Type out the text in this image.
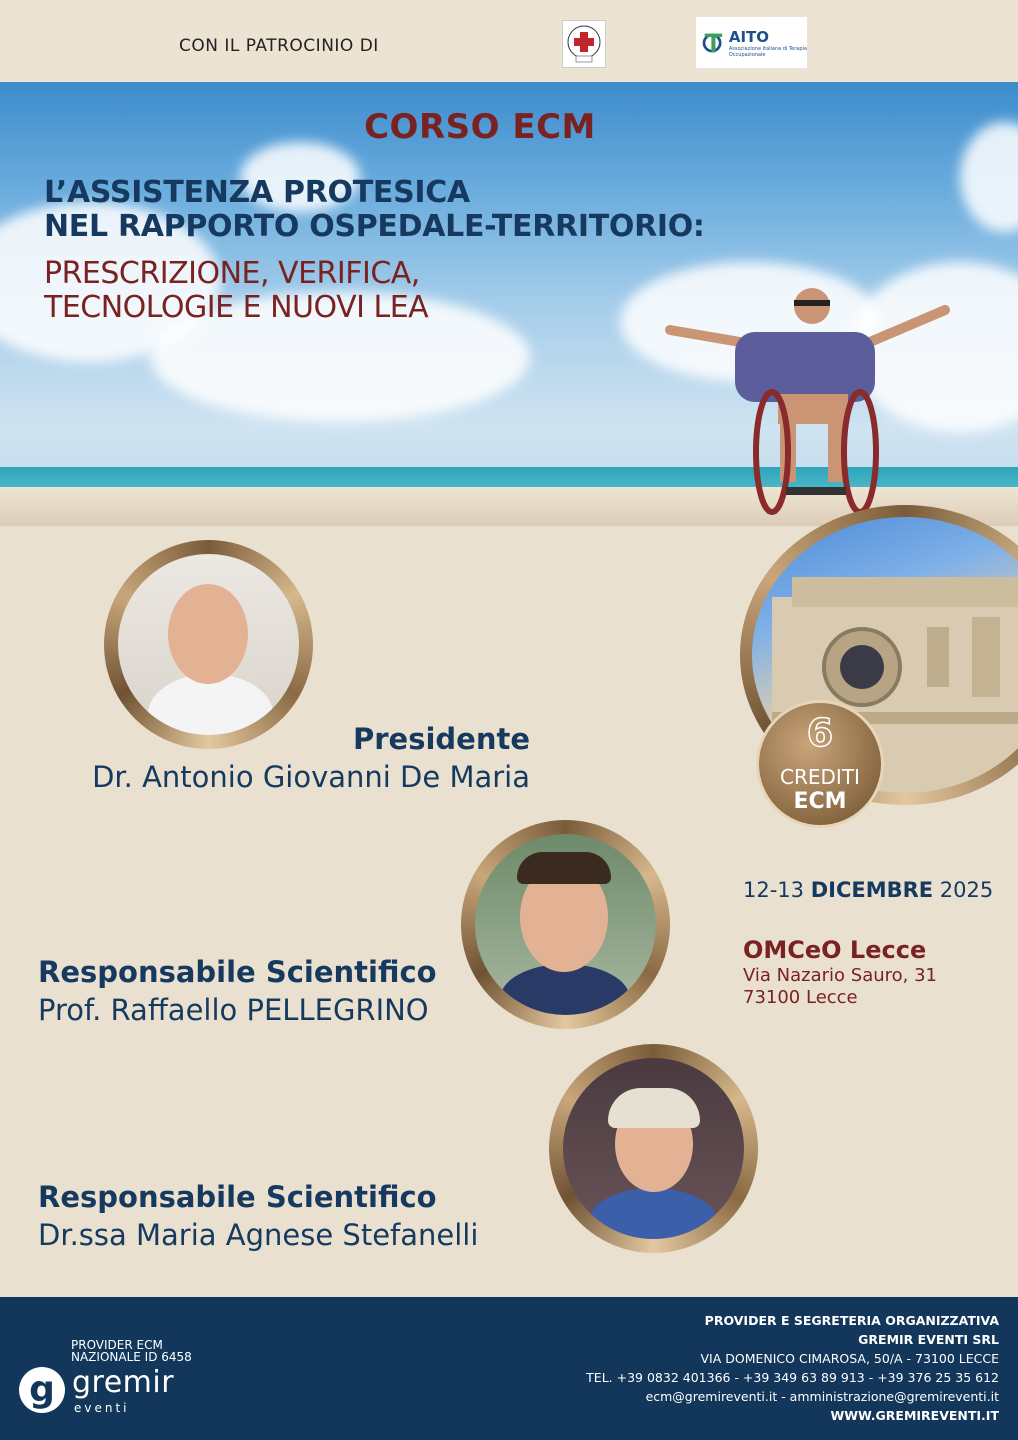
CON IL PATROCINIO DI	AITO
Associazione Italiana di Terapia Occupazionale
CORSO ECM
L’ASSISTENZA PROTESICA
NEL RAPPORTO OSPEDALE-TERRITORIO:
PRESCRIZIONE, VERIFICA,
TECNOLOGIE E NUOVI LEA
Presidente
Dr. Antonio Giovanni De Maria
Responsabile Scientifico
Prof. Raffaello PELLEGRINO
Responsabile Scientifico
Dr.ssa Maria Agnese Stefanelli
6
CREDITI
ECM
12-13 DICEMBRE 2025
OMCeO Lecce
Via Nazario Sauro, 31
73100 Lecce
PROVIDER ECM
NAZIONALE ID 6458
g gremir
eventi
PROVIDER E SEGRETERIA ORGANIZZATIVA
GREMIR EVENTI SRL
VIA DOMENICO CIMAROSA, 50/A - 73100 LECCE
TEL. +39 0832 401366 - +39 349 63 89 913 - +39 376 25 35 612
ecm@gremireventi.it - amministrazione@gremireventi.it
WWW.GREMIREVENTI.IT
